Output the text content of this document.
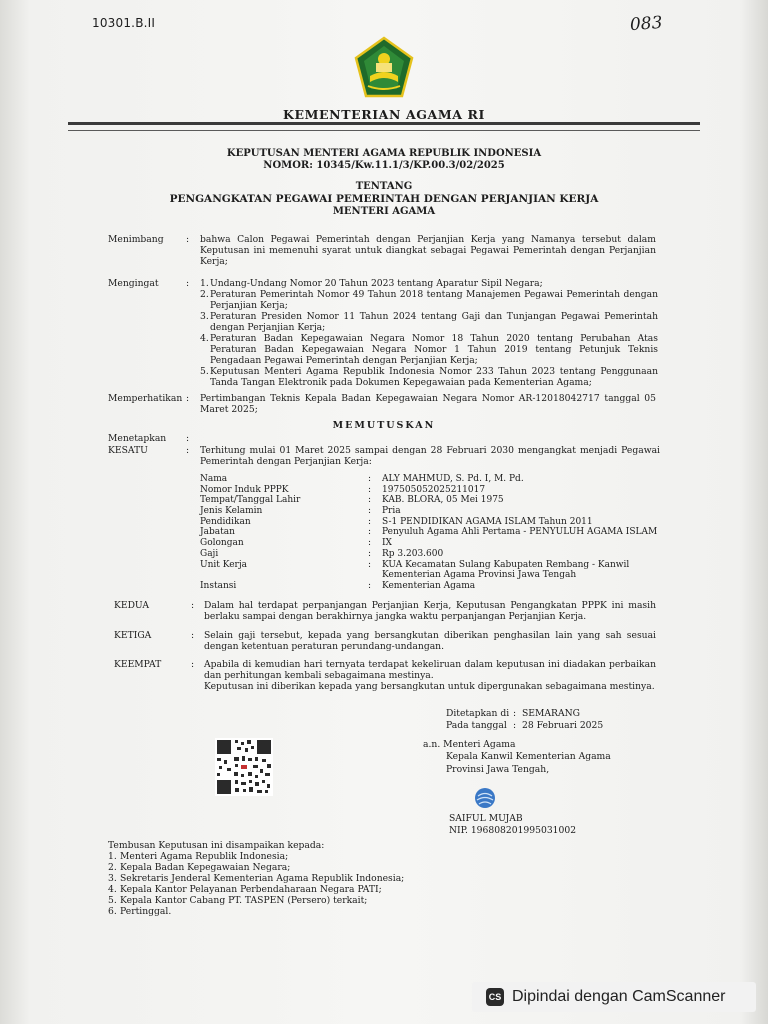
10301.B.II	083
KEMENTERIAN AGAMA RI
KEPUTUSAN MENTERI AGAMA REPUBLIK INDONESIA
NOMOR: 10345/Kw.11.1/3/KP.00.3/02/2025
TENTANG
PENGANGKATAN PEGAWAI PEMERINTAH DENGAN PERJANJIAN KERJA
MENTERI AGAMA
Menimbang : bahwa Calon Pegawai Pemerintah dengan Perjanjian Kerja yang Namanya tersebut dalam Keputusan ini memenuhi syarat untuk diangkat sebagai Pegawai Pemerintah dengan Perjanjian Kerja;
Mengingat	: 1. Undang-Undang Nomor 20 Tahun 2023 tentang Aparatur Sipil Negara;
2. Peraturan Pemerintah Nomor 49 Tahun 2018 tentang Manajemen Pegawai Pemerintah dengan Perjanjian Kerja;
3. Peraturan Presiden Nomor 11 Tahun 2024 tentang Gaji dan Tunjangan Pegawai Pemerintah dengan Perjanjian Kerja;
4. Peraturan Badan Kepegawaian Negara Nomor 18 Tahun 2020 tentang Perubahan Atas Peraturan Badan Kepegawaian Negara Nomor 1 Tahun 2019 tentang Petunjuk Teknis Pengadaan Pegawai Pemerintah dengan Perjanjian Kerja;
5. Keputusan Menteri Agama Republik Indonesia Nomor 233 Tahun 2023 tentang Penggunaan Tanda Tangan Elektronik pada Dokumen Kepegawaian pada Kementerian Agama;
Memperhatikan : Pertimbangan Teknis Kepala Badan Kepegawaian Negara Nomor AR-12018042717 tanggal 05 Maret 2025;
MEMUTUSKAN
Menetapkan :
KESATU	: Terhitung mulai 01 Maret 2025 sampai dengan 28 Februari 2030 mengangkat menjadi Pegawai Pemerintah dengan Perjanjian Kerja:
Nama	: ALY MAHMUD, S. Pd. I, M. Pd.
Nomor Induk PPPK	: 197505052025211017
Tempat/Tanggal Lahir	: KAB. BLORA, 05 Mei 1975
Jenis Kelamin	: Pria
Pendidikan	: S-1 PENDIDIKAN AGAMA ISLAM Tahun 2011
Jabatan	: Penyuluh Agama Ahli Pertama - PENYULUH AGAMA ISLAM
Golongan	: IX
Gaji	: Rp 3.203.600
Unit Kerja	: KUA Kecamatan Sulang Kabupaten Rembang - Kanwil Kementerian Agama Provinsi Jawa Tengah
Instansi	: Kementerian Agama
KEDUA	: Dalam hal terdapat perpanjangan Perjanjian Kerja, Keputusan Pengangkatan PPPK ini masih berlaku sampai dengan berakhirnya jangka waktu perpanjangan Perjanjian Kerja.
KETIGA	: Selain gaji tersebut, kepada yang bersangkutan diberikan penghasilan lain yang sah sesuai dengan ketentuan peraturan perundang-undangan.
KEEMPAT	: Apabila di kemudian hari ternyata terdapat kekeliruan dalam keputusan ini diadakan perbaikan dan perhitungan kembali sebagaimana mestinya.
Keputusan ini diberikan kepada yang bersangkutan untuk dipergunakan sebagaimana mestinya.
Ditetapkan di : SEMARANG
Pada tanggal : 28 Februari 2025
a.n. Menteri Agama
Kepala Kanwil Kementerian Agama
Provinsi Jawa Tengah,
SAIFUL MUJAB
NIP. 196808201995031002
Tembusan Keputusan ini disampaikan kepada:
1. Menteri Agama Republik Indonesia;
2. Kepala Badan Kepegawaian Negara;
3. Sekretaris Jenderal Kementerian Agama Republik Indonesia;
4. Kepala Kantor Pelayanan Perbendaharaan Negara PATI;
5. Kepala Kantor Cabang PT. TASPEN (Persero) terkait;
6. Pertinggal.
CS Dipindai dengan CamScanner
